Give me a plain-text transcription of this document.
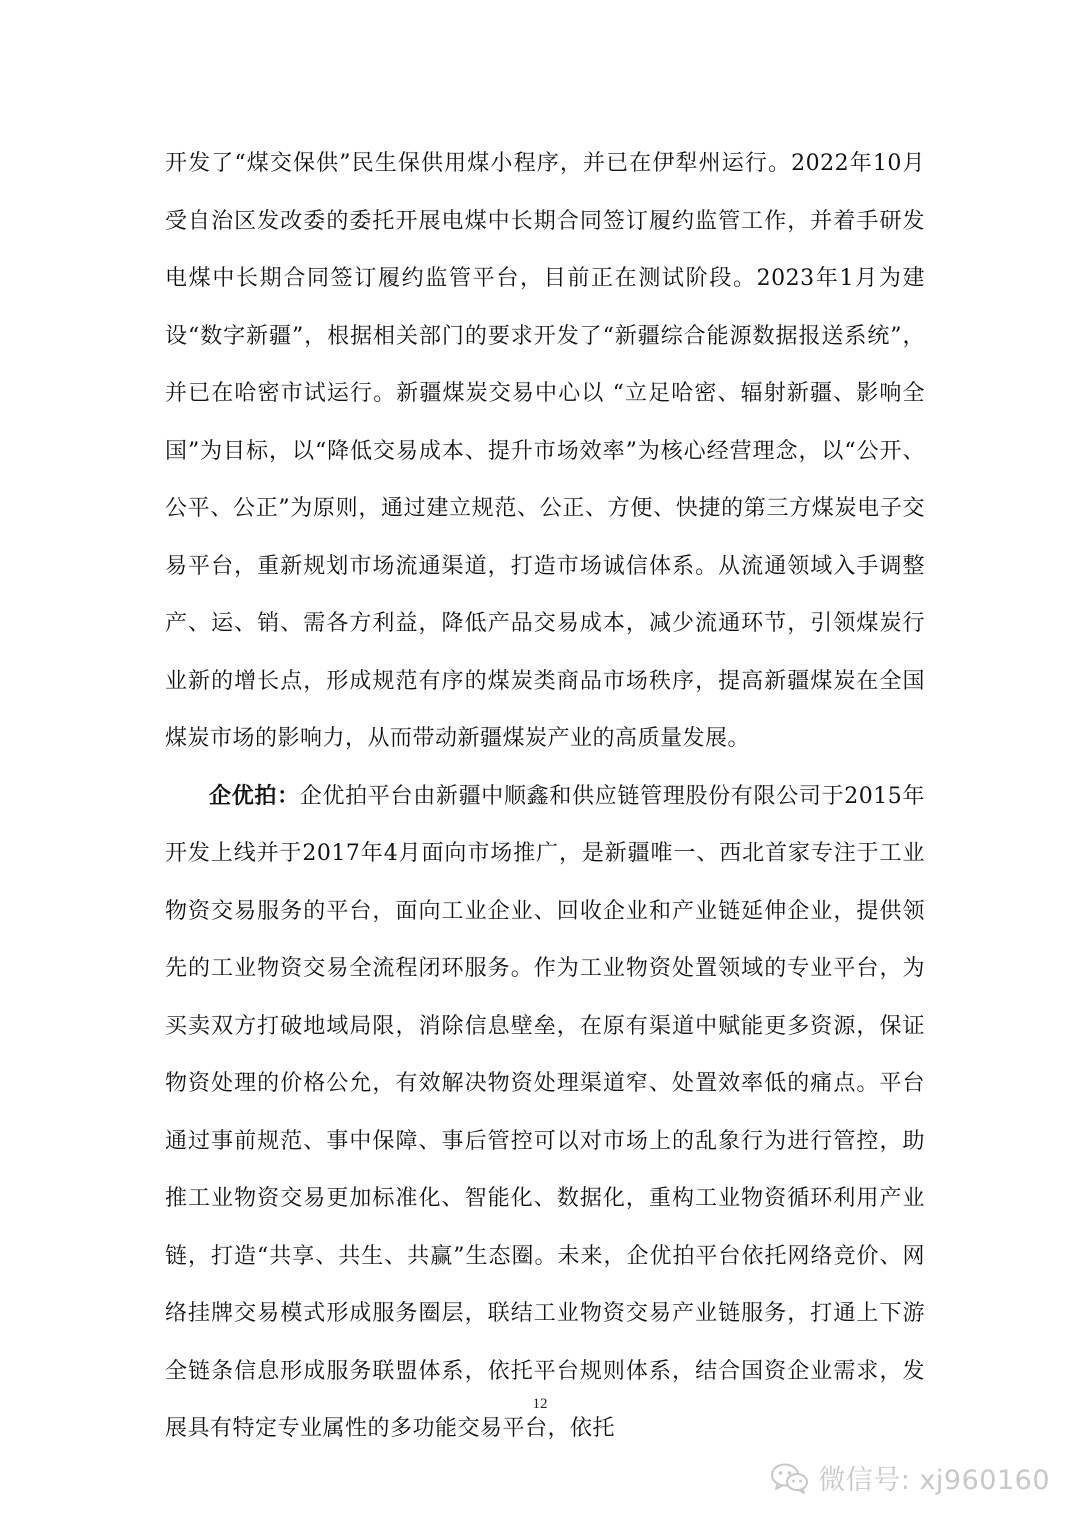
开发了“煤交保供”民生保供用煤小程序，并已在伊犁州运行。2022年10月受自治区发改委的委托开展电煤中长期合同签订履约监管工作，并着手研发电煤中长期合同签订履约监管平台，目前正在测试阶段。2023年1月为建设“数字新疆”，根据相关部门的要求开发了“新疆综合能源数据报送系统”，并已在哈密市试运行。新疆煤炭交易中心以 “立足哈密、辐射新疆、影响全国”为目标，以“降低交易成本、提升市场效率”为核心经营理念，以“公开、公平、公正”为原则，通过建立规范、公正、方便、快捷的第三方煤炭电子交易平台，重新规划市场流通渠道，打造市场诚信体系。从流通领域入手调整产、运、销、需各方利益，降低产品交易成本，减少流通环节，引领煤炭行业新的增长点，形成规范有序的煤炭类商品市场秩序，提高新疆煤炭在全国煤炭市场的影响力，从而带动新疆煤炭产业的高质量发展。

企优拍：企优拍平台由新疆中顺鑫和供应链管理股份有限公司于2015年开发上线并于2017年4月面向市场推广，是新疆唯一、西北首家专注于工业物资交易服务的平台，面向工业企业、回收企业和产业链延伸企业，提供领先的工业物资交易全流程闭环服务。作为工业物资处置领域的专业平台，为买卖双方打破地域局限，消除信息壁垒，在原有渠道中赋能更多资源，保证物资处理的价格公允，有效解决物资处理渠道窄、处置效率低的痛点。平台通过事前规范、事中保障、事后管控可以对市场上的乱象行为进行管控，助推工业物资交易更加标准化、智能化、数据化，重构工业物资循环利用产业链，打造“共享、共生、共赢”生态圈。未来，企优拍平台依托网络竞价、网络挂牌交易模式形成服务圈层，联结工业物资交易产业链服务，打通上下游全链条信息形成服务联盟体系，依托平台规则体系，结合国资企业需求，发展具有特定专业属性的多功能交易平台，依托

12
微信号: xj960160
